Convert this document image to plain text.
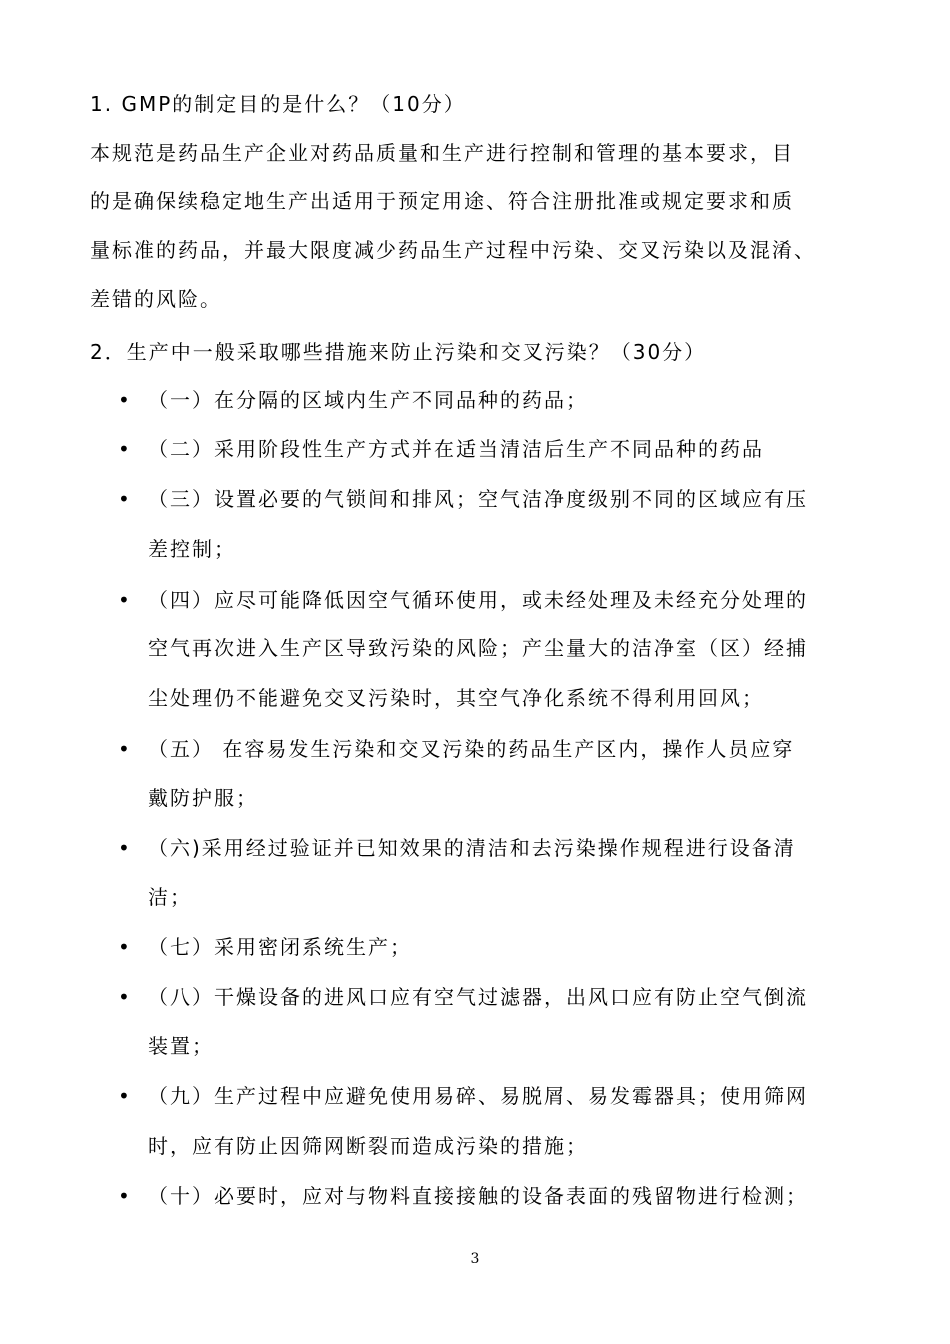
1. GMP的制定目的是什么？（10分）
本规范是药品生产企业对药品质量和生产进行控制和管理的基本要求，目
的是确保续稳定地生产出适用于预定用途、符合注册批准或规定要求和质
量标准的药品，并最大限度减少药品生产过程中污染、交叉污染以及混淆、
差错的风险。
2．生产中一般采取哪些措施来防止污染和交叉污染？（30分）
• （一）在分隔的区域内生产不同品种的药品；
• （二）采用阶段性生产方式并在适当清洁后生产不同品种的药品
• （三）设置必要的气锁间和排风；空气洁净度级别不同的区域应有压
差控制；
• （四）应尽可能降低因空气循环使用，或未经处理及未经充分处理的
空气再次进入生产区导致污染的风险；产尘量大的洁净室（区）经捕
尘处理仍不能避免交叉污染时，其空气净化系统不得利用回风；
• （五） 在容易发生污染和交叉污染的药品生产区内，操作人员应穿
戴防护服；
• （六)采用经过验证并已知效果的清洁和去污染操作规程进行设备清
洁；
• （七）采用密闭系统生产；
• （八）干燥设备的进风口应有空气过滤器，出风口应有防止空气倒流
装置；
• （九）生产过程中应避免使用易碎、易脱屑、易发霉器具；使用筛网
时，应有防止因筛网断裂而造成污染的措施；
• （十）必要时，应对与物料直接接触的设备表面的残留物进行检测；
3
